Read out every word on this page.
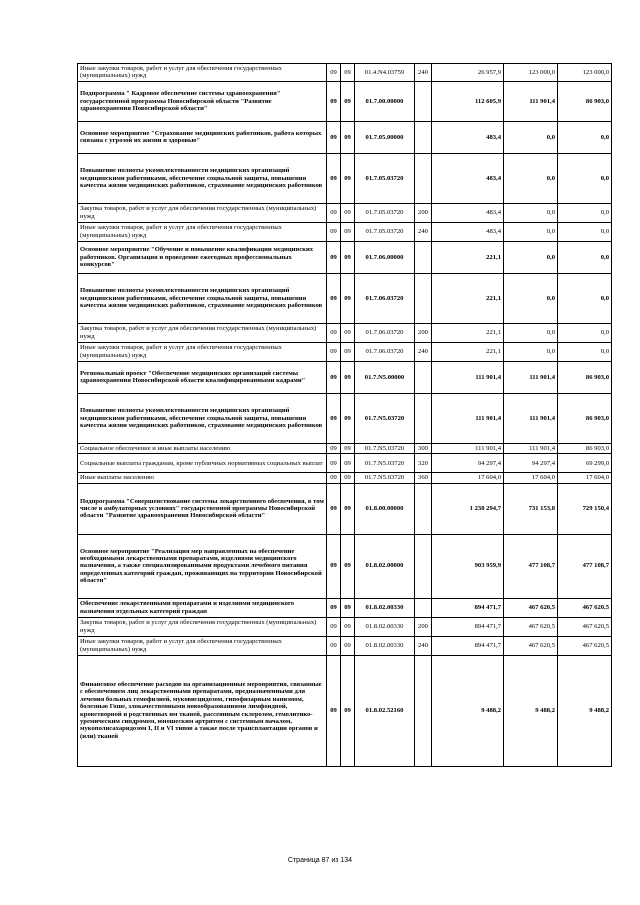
Иные закупки товаров, работ и услуг для обеспечения государственных (муниципальных) нужд	09	09	01.4.N4.03759	240	26 957,9	123 000,0	123 000,0
Подпрограмма " Кадровое обеспечение системы здравоохранения" государственной программы Новосибирской области "Развитие здравоохранения Новосибирской области"	09	09	01.7.00.00000		112 605,9	111 901,4	86 903,0
Основное мероприятие "Страхование медицинских работников, работа которых связана с угрозой их жизни и здоровью"	09	09	01.7.05.00000		483,4	0,0	0,0
Повышение полноты укомплектованности медицинских организаций медицинскими работниками, обеспечение социальной защиты, повышения качества жизни медицинских работников, страхование медицинских работников	09	09	01.7.05.03720		483,4	0,0	0,0
Закупка товаров, работ и услуг для обеспечения государственных (муниципальных) нужд	09	09	01.7.05.03720	200	483,4	0,0	0,0
Иные закупки товаров, работ и услуг для обеспечения государственных (муниципальных) нужд	09	09	01.7.05.03720	240	483,4	0,0	0,0
Основное мероприятие "Обучение и повышение квалификации медицинских работников. Организация и проведение ежегодных профессиональных конкурсов"	09	09	01.7.06.00000		221,1	0,0	0,0
Повышение полноты укомплектованности медицинских организаций медицинскими работниками, обеспечение социальной защиты, повышения качества жизни медицинских работников, страхование медицинских работников	09	09	01.7.06.03720		221,1	0,0	0,0
Закупка товаров, работ и услуг для обеспечения государственных (муниципальных) нужд	09	09	01.7.06.03720	200	221,1	0,0	0,0
Иные закупки товаров, работ и услуг для обеспечения государственных (муниципальных) нужд	09	09	01.7.06.03720	240	221,1	0,0	0,0
Региональный проект "Обеспечение медицинских организаций системы здравоохранения Новосибирской области квалифицированными кадрами"	09	09	01.7.N5.00000		111 901,4	111 901,4	86 903,0
Повышение полноты укомплектованности медицинских организаций медицинскими работниками, обеспечение социальной защиты, повышения качества жизни медицинских работников, страхование медицинских работников	09	09	01.7.N5.03720		111 901,4	111 901,4	86 903,0
Социальное обеспечение и иные выплаты населению	09	09	01.7.N5.03720	300	111 901,4	111 901,4	86 903,0
Социальные выплаты гражданам, кроме публичных нормативных социальных выплат	09	09	01.7.N5.03720	320	94 297,4	94 297,4	69 299,0
Иные выплаты населению	09	09	01.7.N5.03720	360	17 604,0	17 604,0	17 604,0
Подпрограмма "Совершенствование системы лекарственного обеспечения, в том числе в амбулаторных условиях" государственной программы Новосибирской области "Развитие здравоохранения Новосибирской области"	09	09	01.8.00.00000		1 238 294,7	731 153,8	729 150,4
Основное мероприятие "Реализация мер направленных на обеспечение необходимыми лекарственными препаратами, изделиями медицинского назначения, а также специализированными продуктами лечебного питания определенных категорий граждан, проживающих на территории Новосибирской области"	09	09	01.8.02.00000		903 959,9	477 108,7	477 108,7
Обеспечение лекарственными препаратами и изделиями медицинского назначения отдельных категорий граждан	09	09	01.8.02.00330		894 471,7	467 620,5	467 620,5
Закупка товаров, работ и услуг для обеспечения государственных (муниципальных) нужд	09	09	01.8.02.00330	200	894 471,7	467 620,5	467 620,5
Иные закупки товаров, работ и услуг для обеспечения государственных (муниципальных) нужд	09	09	01.8.02.00330	240	894 471,7	467 620,5	467 620,5
Финансовое обеспечение расходов на организационные мероприятия, связанные с обеспечением лиц лекарственными препаратами, предназначенными для лечения больных гемофилией, муковисцидозом, гипофизарным нанизмом, болезнью Гоше, злокачественными новообразованиями лимфоидной, кроветворной и родственных им тканей, рассеянным склерозом, гемолитико-уремическим синдромом, юношеским артритом с системным началом, мукополисахаридозом I, II и VI типов а также после трансплантации органов и (или) тканей	09	09	01.8.02.52160		9 488,2	9 488,2	9 488,2
Страница 87 из 134
